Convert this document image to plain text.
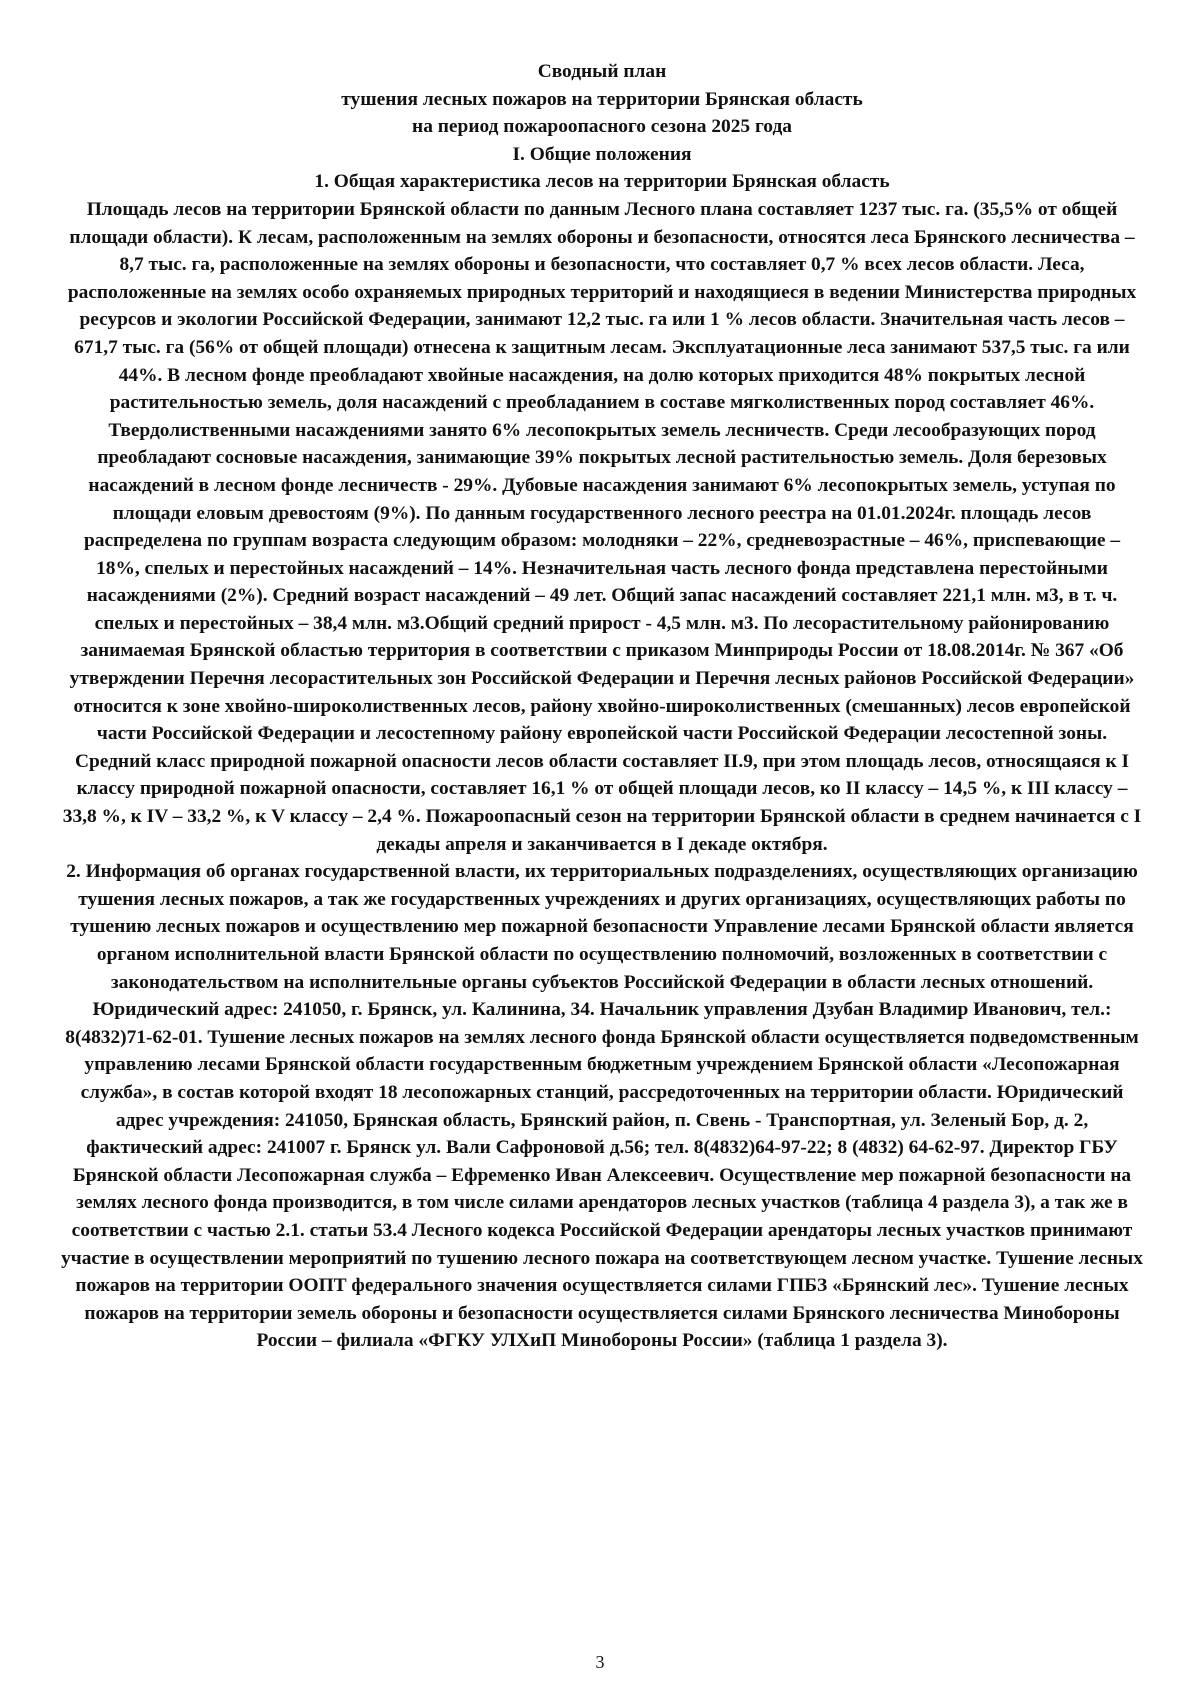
Сводный план
тушения лесных пожаров на территории Брянская область
на период пожароопасного сезона 2025 года
I. Общие положения
1. Общая характеристика лесов на территории Брянская область

Площадь лесов на территории Брянской области по данным Лесного плана составляет 1237 тыс. га. (35,5% от общей площади области). К лесам, расположенным на землях обороны и безопасности, относятся леса Брянского лесничества – 8,7 тыс. га, расположенные на землях обороны и безопасности, что составляет 0,7 % всех лесов области. Леса, расположенные на землях особо охраняемых природных территорий и находящиеся в ведении Министерства природных ресурсов и экологии Российской Федерации, занимают 12,2 тыс. га или 1 % лесов области. Значительная часть лесов – 671,7 тыс. га (56% от общей площади) отнесена к защитным лесам. Эксплуатационные леса занимают 537,5 тыс. га или 44%. В лесном фонде преобладают хвойные насаждения, на долю которых приходится 48% покрытых лесной растительностью земель, доля насаждений с преобладанием в составе мягколиственных пород составляет 46%. Твердолиственными насаждениями занято 6% лесопокрытых земель лесничеств. Среди лесообразующих пород преобладают сосновые насаждения, занимающие 39% покрытых лесной растительностью земель. Доля березовых насаждений в лесном фонде лесничеств - 29%. Дубовые насаждения занимают 6% лесопокрытых земель, уступая по площади еловым древостоям (9%). По данным государственного лесного реестра на 01.01.2024г. площадь лесов распределена по группам возраста следующим образом: молодняки – 22%, средневозрастные – 46%, приспевающие – 18%, спелых и перестойных насаждений – 14%. Незначительная часть лесного фонда представлена перестойными насаждениями (2%). Средний возраст насаждений – 49 лет. Общий запас насаждений составляет 221,1 млн. м3, в т. ч. спелых и перестойных – 38,4 млн. м3.Общий средний прирост - 4,5 млн. м3. По лесорастительному районированию занимаемая Брянской областью территория в соответствии с приказом Минприроды России от 18.08.2014г. № 367 «Об утверждении Перечня лесорастительных зон Российской Федерации и Перечня лесных районов Российской Федерации» относится к зоне хвойно-широколиственных лесов, району хвойно-широколиственных (смешанных) лесов европейской части Российской Федерации и лесостепному району европейской части Российской Федерации лесостепной зоны. Средний класс природной пожарной опасности лесов области составляет II.9, при этом площадь лесов, относящаяся к I классу природной пожарной опасности, составляет 16,1 % от общей площади лесов, ко II классу – 14,5 %, к III классу – 33,8 %, к IV – 33,2 %, к V классу – 2,4 %. Пожароопасный сезон на территории Брянской области в среднем начинается с I декады апреля и заканчивается в I декаде октября.

2. Информация об органах государственной власти, их территориальных подразделениях, осуществляющих организацию тушения лесных пожаров, а так же государственных учреждениях и других организациях, осуществляющих работы по тушению лесных пожаров и осуществлению мер пожарной безопасности Управление лесами Брянской области является органом исполнительной власти Брянской области по осуществлению полномочий, возложенных в соответствии с законодательством на исполнительные органы субъектов Российской Федерации в области лесных отношений. Юридический адрес: 241050, г. Брянск, ул. Калинина, 34. Начальник управления Дзубан Владимир Иванович, тел.: 8(4832)71-62-01. Тушение лесных пожаров на землях лесного фонда Брянской области осуществляется подведомственным управлению лесами Брянской области государственным бюджетным учреждением Брянской области «Лесопожарная служба», в состав которой входят 18 лесопожарных станций, рассредоточенных на территории области. Юридический адрес учреждения: 241050, Брянская область, Брянский район, п. Свень - Транспортная, ул. Зеленый Бор, д. 2, фактический адрес: 241007 г. Брянск ул. Вали Сафроновой д.56; тел. 8(4832)64-97-22; 8 (4832) 64-62-97. Директор ГБУ Брянской области Лесопожарная служба – Ефременко Иван Алексеевич. Осуществление мер пожарной безопасности на землях лесного фонда производится, в том числе силами арендаторов лесных участков (таблица 4 раздела 3), а так же в соответствии с частью 2.1. статьи 53.4 Лесного кодекса Российской Федерации арендаторы лесных участков принимают участие в осуществлении мероприятий по тушению лесного пожара на соответствующем лесном участке. Тушение лесных пожаров на территории ООПТ федерального значения осуществляется силами ГПБЗ «Брянский лес». Тушение лесных пожаров на территории земель обороны и безопасности осуществляется силами Брянского лесничества Минобороны России – филиала «ФГКУ УЛХиП Минобороны России» (таблица 1 раздела 3).

3
